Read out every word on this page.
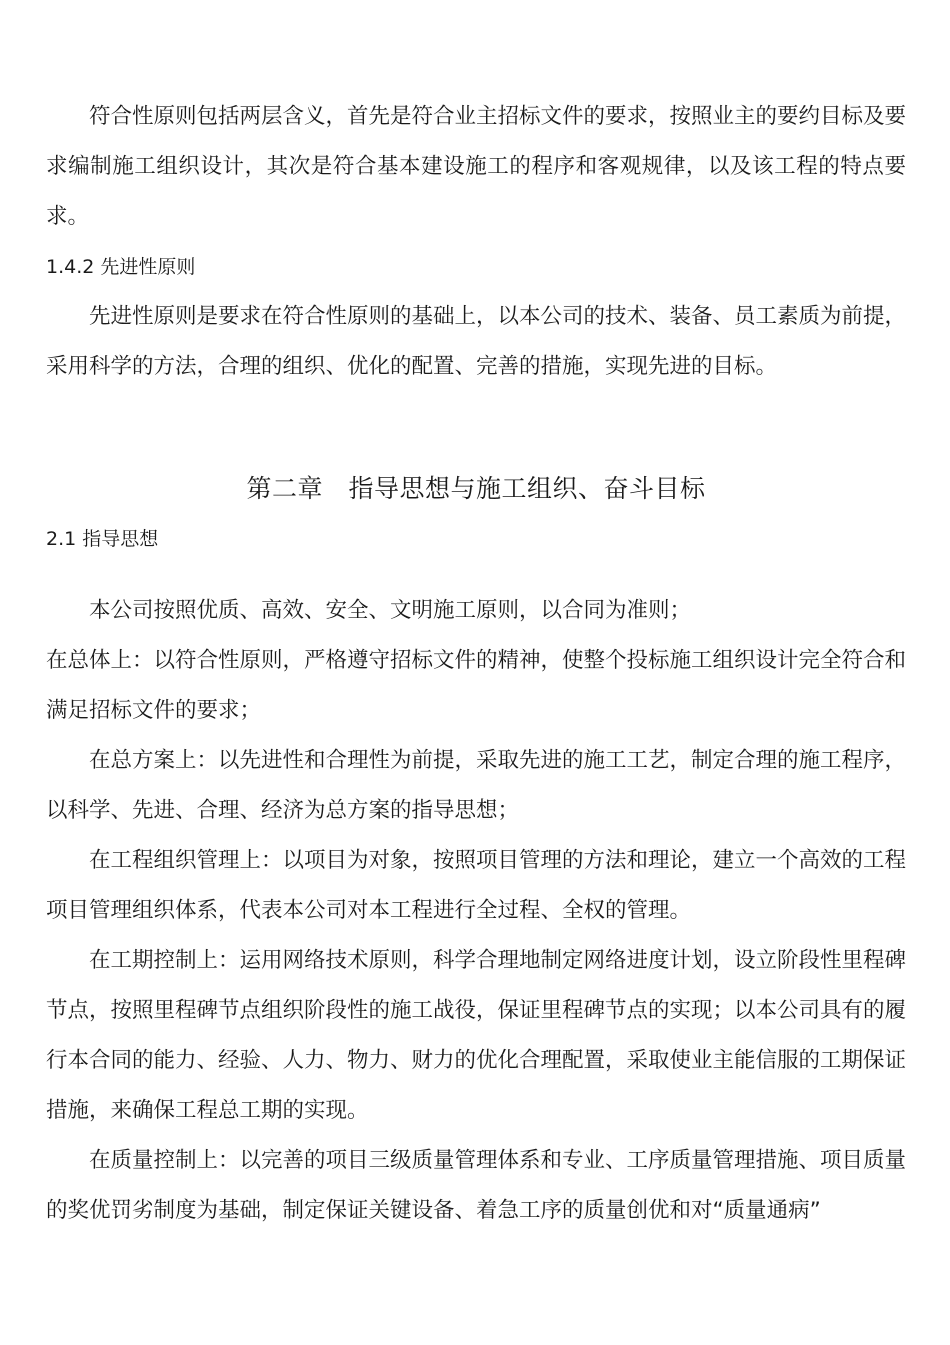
符合性原则包括两层含义，首先是符合业主招标文件的要求，按照业主的要约目标及要求编制施工组织设计，其次是符合基本建设施工的程序和客观规律，以及该工程的特点要求。

1.4.2 先进性原则

先进性原则是要求在符合性原则的基础上，以本公司的技术、装备、员工素质为前提，采用科学的方法，合理的组织、优化的配置、完善的措施，实现先进的目标。

第二章　指导思想与施工组织、奋斗目标

2.1 指导思想

本公司按照优质、高效、安全、文明施工原则，以合同为准则；

在总体上：以符合性原则，严格遵守招标文件的精神，使整个投标施工组织设计完全符合和满足招标文件的要求；

在总方案上：以先进性和合理性为前提，采取先进的施工工艺，制定合理的施工程序，以科学、先进、合理、经济为总方案的指导思想；

在工程组织管理上：以项目为对象，按照项目管理的方法和理论，建立一个高效的工程项目管理组织体系，代表本公司对本工程进行全过程、全权的管理。

在工期控制上：运用网络技术原则，科学合理地制定网络进度计划，设立阶段性里程碑节点，按照里程碑节点组织阶段性的施工战役，保证里程碑节点的实现；以本公司具有的履行本合同的能力、经验、人力、物力、财力的优化合理配置，采取使业主能信服的工期保证措施，来确保工程总工期的实现。

在质量控制上：以完善的项目三级质量管理体系和专业、工序质量管理措施、项目质量的奖优罚劣制度为基础，制定保证关键设备、着急工序的质量创优和对“质量通病”
